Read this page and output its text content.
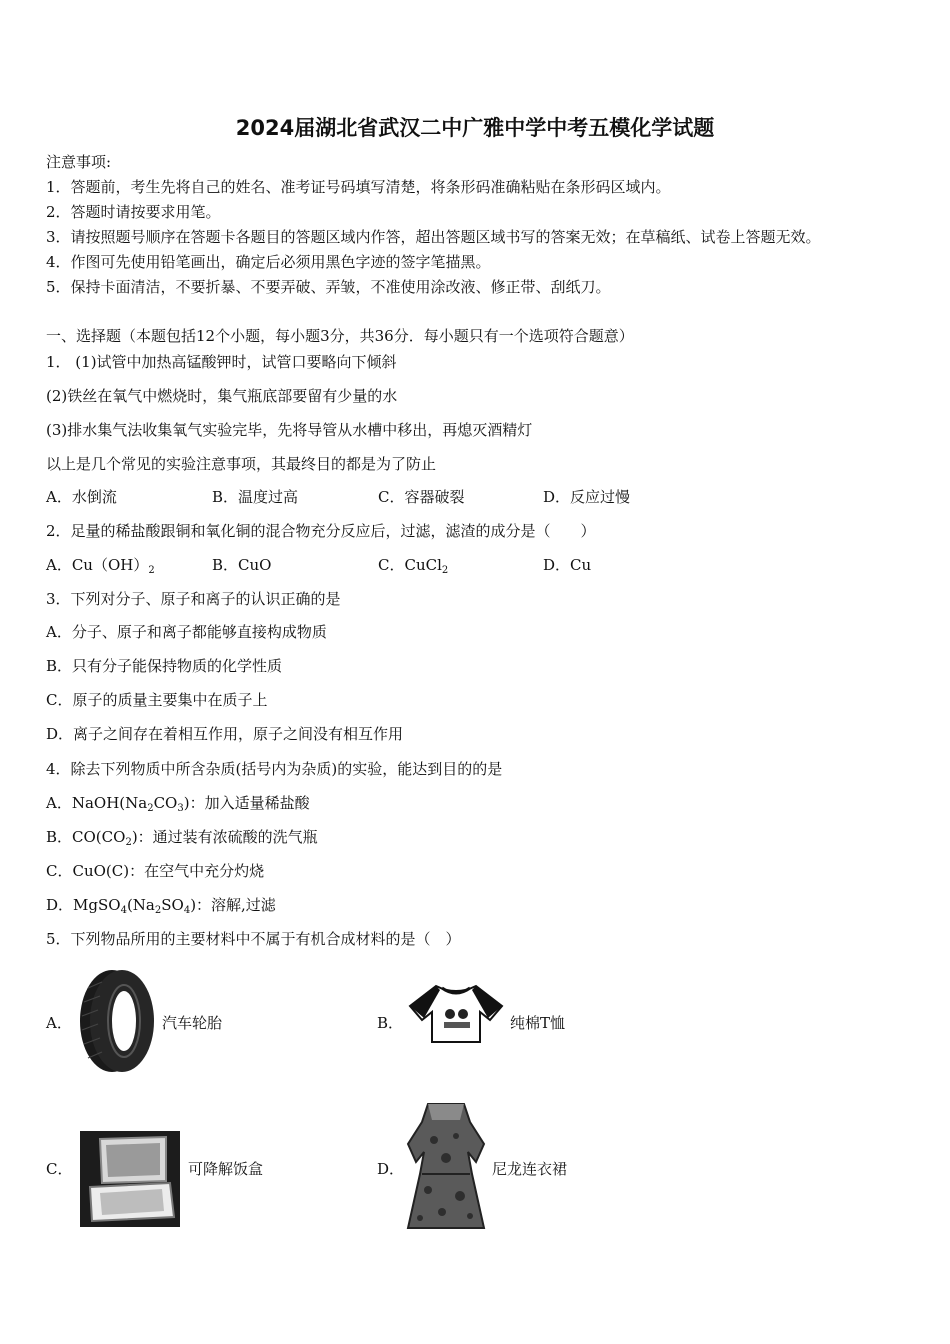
2024届湖北省武汉二中广雅中学中考五模化学试题
注意事项:
1．答题前，考生先将自己的姓名、准考证号码填写清楚，将条形码准确粘贴在条形码区域内。
2．答题时请按要求用笔。
3．请按照题号顺序在答题卡各题目的答题区域内作答，超出答题区域书写的答案无效；在草稿纸、试卷上答题无效。
4．作图可先使用铅笔画出，确定后必须用黑色字迹的签字笔描黑。
5．保持卡面清洁，不要折暴、不要弄破、弄皱，不准使用涂改液、修正带、刮纸刀。
一、选择题（本题包括12个小题，每小题3分，共36分．每小题只有一个选项符合题意）
1． (1)试管中加热高锰酸钾时，试管口要略向下倾斜
(2)铁丝在氧气中燃烧时，集气瓶底部要留有少量的水
(3)排水集气法收集氧气实验完毕，先将导管从水槽中移出，再熄灭酒精灯
以上是几个常见的实验注意事项，其最终目的都是为了防止
A．水倒流	B．温度过高	C．容器破裂	D．反应过慢
2．足量的稀盐酸跟铜和氧化铜的混合物充分反应后，过滤，滤渣的成分是（　　）
A．$Cu(OH)_2$	B．CuO	C．CuCl$_2$	D．Cu
3．下列对分子、原子和离子的认识正确的是
A．分子、原子和离子都能够直接构成物质
B．只有分子能保持物质的化学性质
C．原子的质量主要集中在质子上
D．离子之间存在着相互作用，原子之间没有相互作用
4．除去下列物质中所含杂质(括号内为杂质)的实验，能达到目的的是
A．$NaOH(Na_2CO_3)$：加入适量稀盐酸
B．$CO(CO_2)$：通过装有浓硫酸的洗气瓶
C．CuO(C)：在空气中充分灼烧
D．$MgSO_4(Na_2SO_4)$：溶解,过滤
5．下列物品所用的主要材料中不属于有机合成材料的是（　）
A．	汽车轮胎	B．	纯棉T恤
C．	可降解饭盒	D．	尼龙连衣裙
